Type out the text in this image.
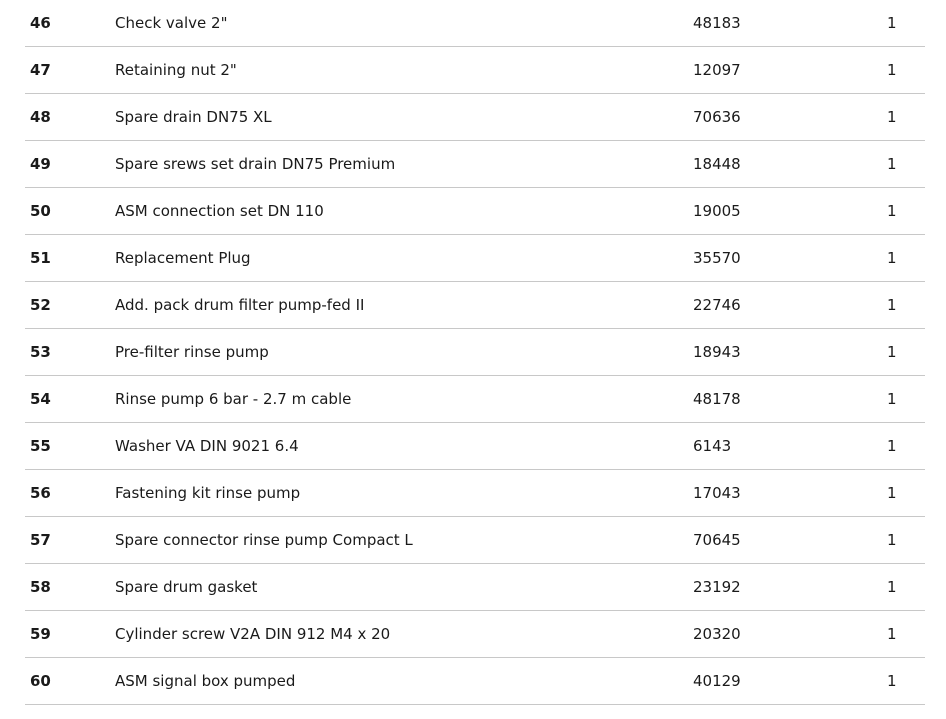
46	Check valve 2"	48183	1
47	Retaining nut 2"	12097	1
48	Spare drain DN75 XL	70636	1
49	Spare srews set drain DN75 Premium	18448	1
50	ASM connection set DN 110	19005	1
51	Replacement Plug	35570	1
52	Add. pack drum filter pump-fed II	22746	1
53	Pre-filter rinse pump	18943	1
54	Rinse pump 6 bar - 2.7 m cable	48178	1
55	Washer VA DIN 9021 6.4	6143	1
56	Fastening kit rinse pump	17043	1
57	Spare connector rinse pump Compact L	70645	1
58	Spare drum gasket	23192	1
59	Cylinder screw V2A DIN 912 M4 x 20	20320	1
60	ASM signal box pumped	40129	1
